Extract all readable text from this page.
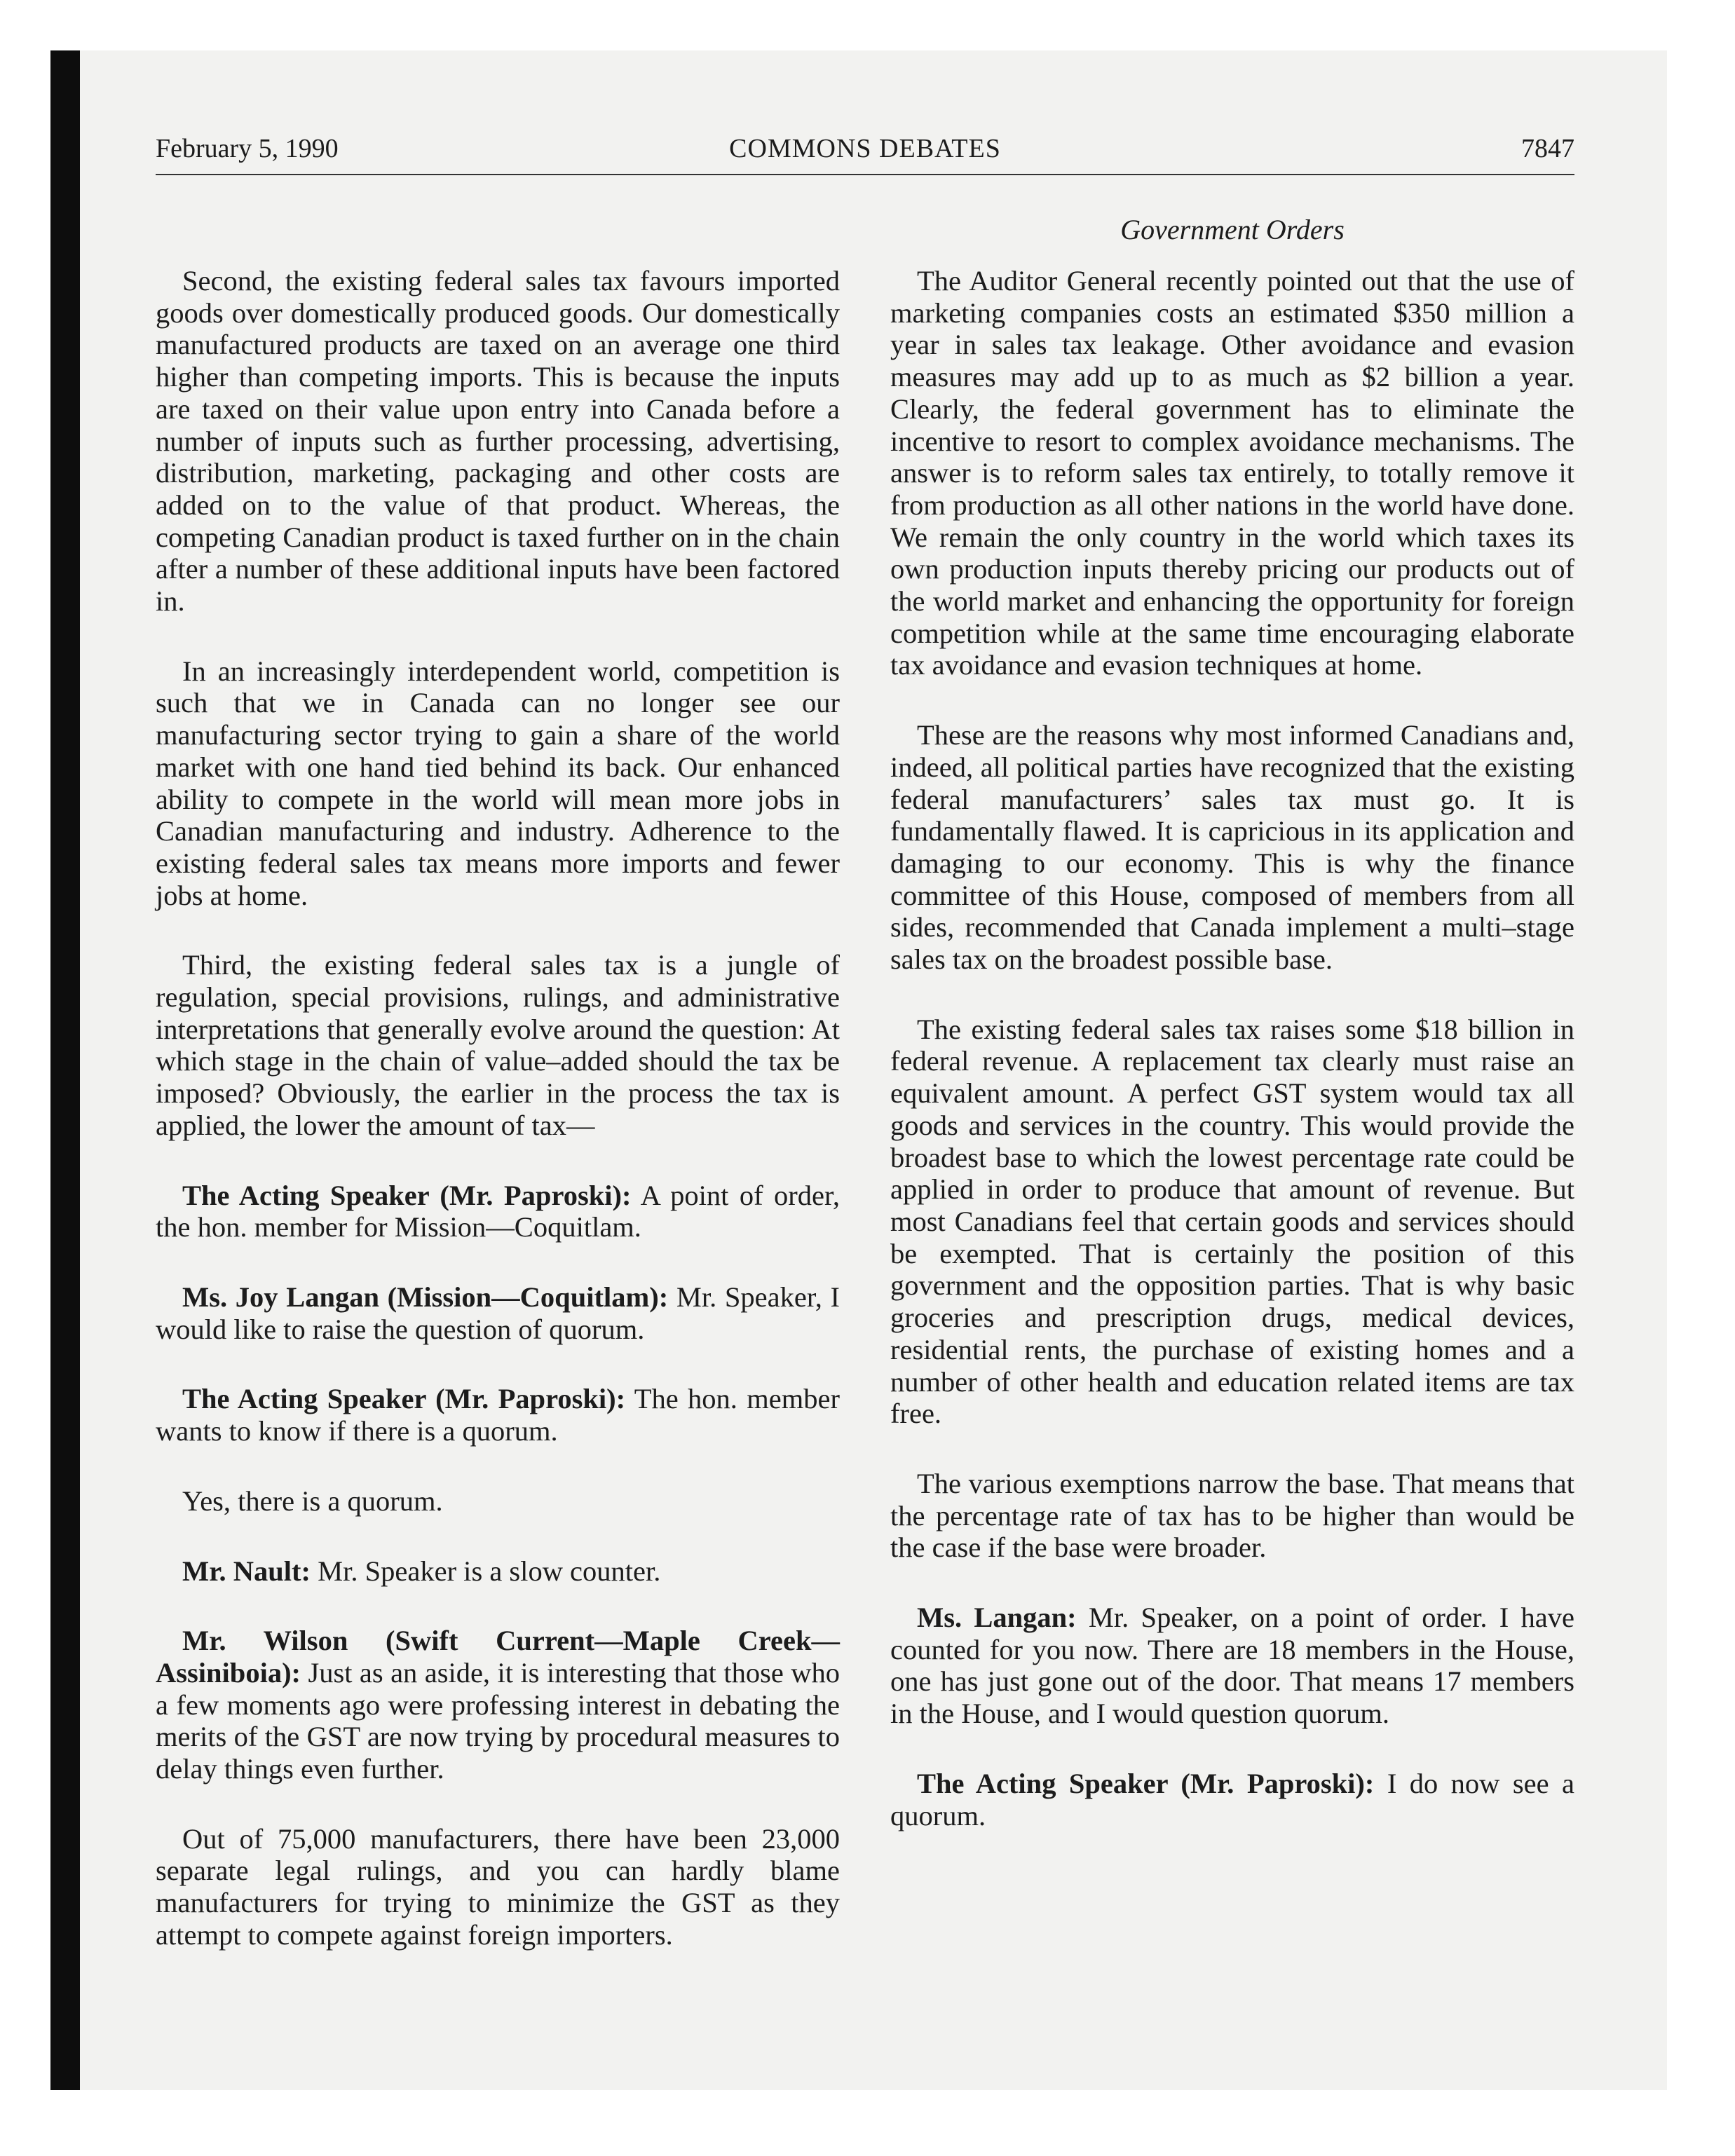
February 5, 1990	COMMONS DEBATES	7847
Government Orders

Second, the existing federal sales tax favours imported goods over domestically produced goods. Our domestically manufactured products are taxed on an average one third higher than competing imports. This is because the inputs are taxed on their value upon entry into Canada before a number of inputs such as further processing, advertising, distribution, marketing, packaging and other costs are added on to the value of that product. Whereas, the competing Canadian product is taxed further on in the chain after a number of these additional inputs have been factored in.

In an increasingly interdependent world, competition is such that we in Canada can no longer see our manufacturing sector trying to gain a share of the world market with one hand tied behind its back. Our enhanced ability to compete in the world will mean more jobs in Canadian manufacturing and industry. Adherence to the existing federal sales tax means more imports and fewer jobs at home.

Third, the existing federal sales tax is a jungle of regulation, special provisions, rulings, and administrative interpretations that generally evolve around the question: At which stage in the chain of value–added should the tax be imposed? Obviously, the earlier in the process the tax is applied, the lower the amount of tax—

The Acting Speaker (Mr. Paproski): A point of order, the hon. member for Mission—Coquitlam.

Ms. Joy Langan (Mission—Coquitlam): Mr. Speaker, I would like to raise the question of quorum.

The Acting Speaker (Mr. Paproski): The hon. member wants to know if there is a quorum.

Yes, there is a quorum.

Mr. Nault: Mr. Speaker is a slow counter.

Mr. Wilson (Swift Current—Maple Creek—Assiniboia): Just as an aside, it is interesting that those who a few moments ago were professing interest in debating the merits of the GST are now trying by procedural measures to delay things even further.

Out of 75,000 manufacturers, there have been 23,000 separate legal rulings, and you can hardly blame manufacturers for trying to minimize the GST as they attempt to compete against foreign importers.

The Auditor General recently pointed out that the use of marketing companies costs an estimated $350 million a year in sales tax leakage. Other avoidance and evasion measures may add up to as much as $2 billion a year. Clearly, the federal government has to eliminate the incentive to resort to complex avoidance mechanisms. The answer is to reform sales tax entirely, to totally remove it from production as all other nations in the world have done. We remain the only country in the world which taxes its own production inputs thereby pricing our products out of the world market and enhancing the opportunity for foreign competition while at the same time encouraging elaborate tax avoidance and evasion techniques at home.

These are the reasons why most informed Canadians and, indeed, all political parties have recognized that the existing federal manufacturers’ sales tax must go. It is fundamentally flawed. It is capricious in its application and damaging to our economy. This is why the finance committee of this House, composed of members from all sides, recommended that Canada implement a multi–stage sales tax on the broadest possible base.

The existing federal sales tax raises some $18 billion in federal revenue. A replacement tax clearly must raise an equivalent amount. A perfect GST system would tax all goods and services in the country. This would provide the broadest base to which the lowest percentage rate could be applied in order to produce that amount of revenue. But most Canadians feel that certain goods and services should be exempted. That is certainly the position of this government and the opposition parties. That is why basic groceries and prescription drugs, medical devices, residential rents, the purchase of existing homes and a number of other health and education related items are tax free.

The various exemptions narrow the base. That means that the percentage rate of tax has to be higher than would be the case if the base were broader.

Ms. Langan: Mr. Speaker, on a point of order. I have counted for you now. There are 18 members in the House, one has just gone out of the door. That means 17 members in the House, and I would question quorum.

The Acting Speaker (Mr. Paproski): I do now see a quorum.
